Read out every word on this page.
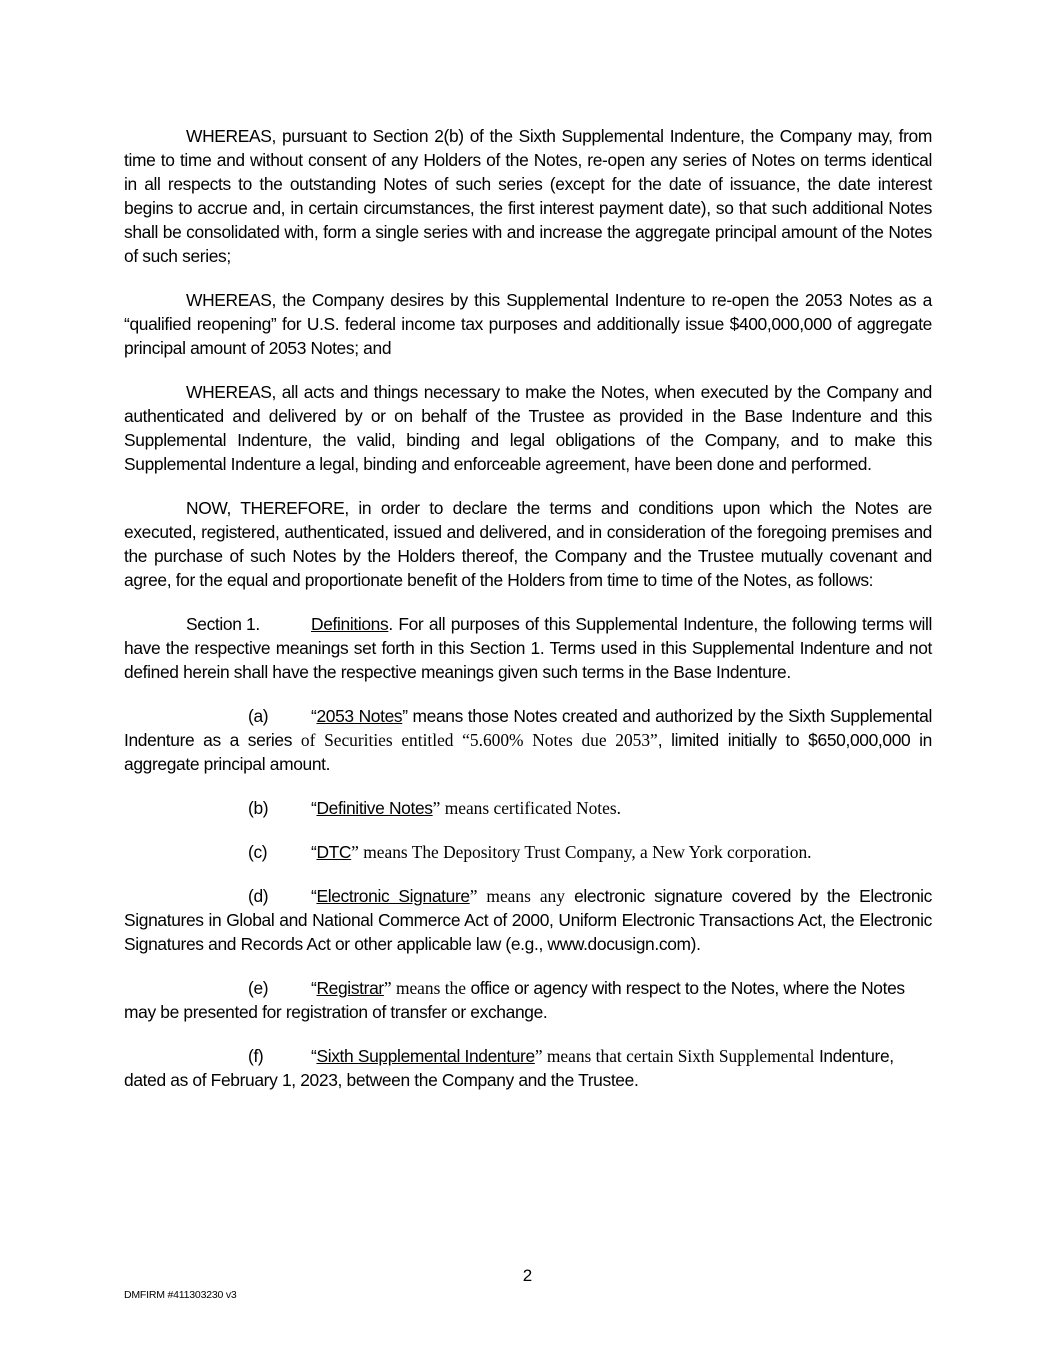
WHEREAS, pursuant to Section 2(b) of the Sixth Supplemental Indenture, the Company may, from time to time and without consent of any Holders of the Notes, re-open any series of Notes on terms identical in all respects to the outstanding Notes of such series (except for the date of issuance, the date interest begins to accrue and, in certain circumstances, the first interest payment date), so that such additional Notes shall be consolidated with, form a single series with and increase the aggregate principal amount of the Notes of such series;

WHEREAS, the Company desires by this Supplemental Indenture to re-open the 2053 Notes as a “qualified reopening” for U.S. federal income tax purposes and additionally issue $400,000,000 of aggregate principal amount of 2053 Notes; and

WHEREAS, all acts and things necessary to make the Notes, when executed by the Company and authenticated and delivered by or on behalf of the Trustee as provided in the Base Indenture and this Supplemental Indenture, the valid, binding and legal obligations of the Company, and to make this Supplemental Indenture a legal, binding and enforceable agreement, have been done and performed.

NOW, THEREFORE, in order to declare the terms and conditions upon which the Notes are executed, registered, authenticated, issued and delivered, and in consideration of the foregoing premises and the purchase of such Notes by the Holders thereof, the Company and the Trustee mutually covenant and agree, for the equal and proportionate benefit of the Holders from time to time of the Notes, as follows:

Section 1.	Definitions. For all purposes of this Supplemental Indenture, the following terms will have the respective meanings set forth in this Section 1. Terms used in this Supplemental Indenture and not defined herein shall have the respective meanings given such terms in the Base Indenture.

(a) “2053 Notes” means those Notes created and authorized by the Sixth Supplemental Indenture as a series of Securities entitled “5.600% Notes due 2053”, limited initially to $650,000,000 in aggregate principal amount.

(b) “Definitive Notes” means certificated Notes.

(c)	“DTC” means The Depository Trust Company, a New York corporation.

(d) “Electronic Signature” means any electronic signature covered by the Electronic Signatures in Global and National Commerce Act of 2000, Uniform Electronic Transactions Act, the Electronic Signatures and Records Act or other applicable law (e.g., www.docusign.com).

(e) “Registrar” means the office or agency with respect to the Notes, where the Notes may be presented for registration of transfer or exchange.

(f)	“Sixth Supplemental Indenture” means that certain Sixth Supplemental Indenture, dated as of February 1, 2023, between the Company and the Trustee.

2
DMFIRM #411303230 v3
